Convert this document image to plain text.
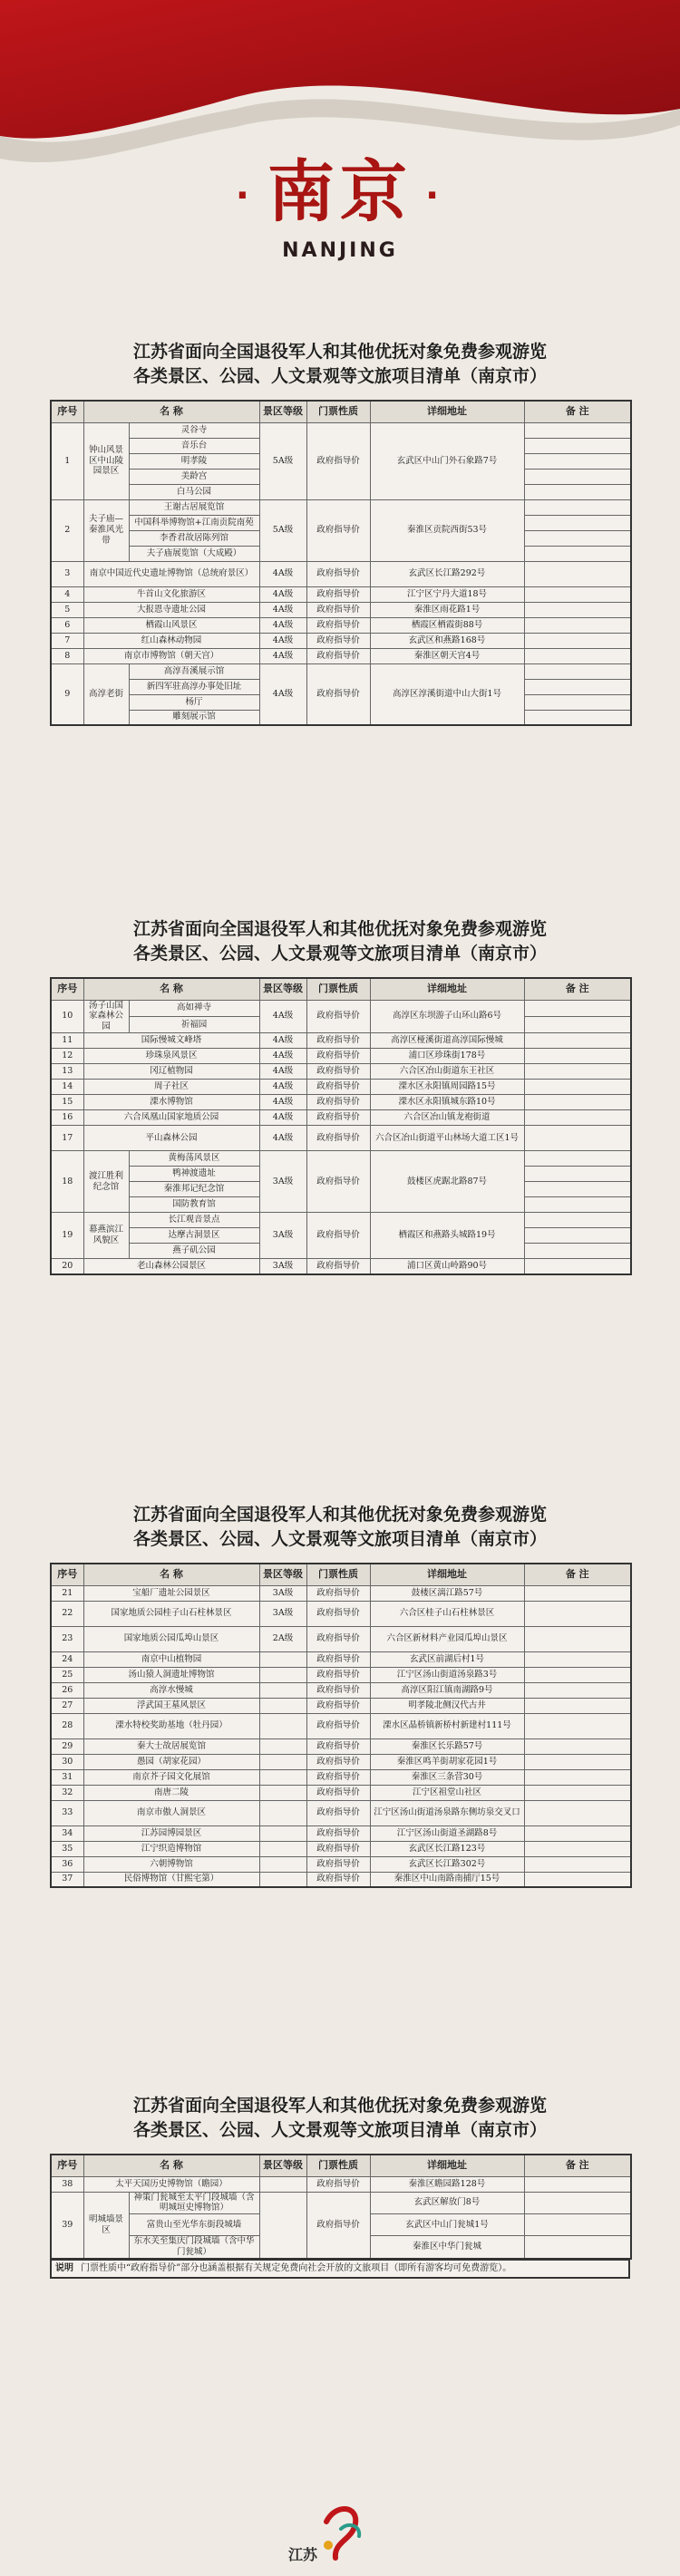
· 南京 ·
NANJING
江苏省面向全国退役军人和其他优抚对象免费参观游览
各类景区、公园、人文景观等文旅项目清单（南京市）
序号	名 称		景区等级	门票性质	详细地址	备 注
1	钟山风景区中山陵园景区	灵谷寺	5A级	政府指导价	玄武区中山门外石象路7号	
		音乐台				
		明孝陵				
		美龄宫				
		白马公园				
2	夫子庙—秦淮风光带	王谢古居展览馆	5A级	政府指导价	秦淮区贡院西街53号	
		中国科举博物馆+江南贡院南苑				
		李香君故居陈列馆				
		夫子庙展览馆（大成殿）				
3	南京中国近代史遗址博物馆（总统府景区）		4A级	政府指导价	玄武区长江路292号	
4	牛首山文化旅游区		4A级	政府指导价	江宁区宁丹大道18号	
5	大报恩寺遗址公园		4A级	政府指导价	秦淮区雨花路1号	
6	栖霞山风景区		4A级	政府指导价	栖霞区栖霞街88号	
7	红山森林动物园		4A级	政府指导价	玄武区和燕路168号	
8	南京市博物馆（朝天宫）		4A级	政府指导价	秦淮区朝天宫4号	
9	高淳老街	高淳吾溪展示馆	4A级	政府指导价	高淳区淳溪街道中山大街1号	
		新四军驻高淳办事处旧址				
		杨厅				
		雕刻展示馆				
江苏省面向全国退役军人和其他优抚对象免费参观游览
各类景区、公园、人文景观等文旅项目清单（南京市）
序号	名 称		景区等级	门票性质	详细地址	备 注
10	汤子山国家森林公园	高如禅寺	4A级	政府指导价	高淳区东坝游子山环山路6号	
		祈福园				
11	国际慢城文峰塔		4A级	政府指导价	高淳区桠溪街道高淳国际慢城	
12	珍珠泉风景区		4A级	政府指导价	浦口区珍珠街178号	
13	冈辽植物园		4A级	政府指导价	六合区冶山街道东王社区	
14	周子社区		4A级	政府指导价	溧水区永阳镇周园路15号	
15	溧水博物馆		4A级	政府指导价	溧水区永阳镇城东路10号	
16	六合凤凰山国家地质公园		4A级	政府指导价	六合区冶山镇龙袍街道	
17	平山森林公园		4A级	政府指导价	六合区冶山街道平山林场大道工区1号	
18	渡江胜利纪念馆	黄梅荡风景区	3A级	政府指导价	鼓楼区虎踞北路87号	
		鸭神渡遗址				
		秦淮邦记纪念馆				
		国防教育馆				
19	幕燕滨江风貌区	长江观音景点	3A级	政府指导价	栖霞区和燕路头城路19号	
		达摩古洞景区				
		燕子矶公园				
20	老山森林公园景区		3A级	政府指导价	浦口区黄山岭路90号	
江苏省面向全国退役军人和其他优抚对象免费参观游览
各类景区、公园、人文景观等文旅项目清单（南京市）
序号	名 称	景区等级	门票性质	详细地址	备 注
21	宝船厂遗址公园景区	3A级	政府指导价	鼓楼区漓江路57号	
22	国家地质公园桂子山石柱林景区	3A级	政府指导价	六合区桂子山石柱林景区	
23	国家地质公园瓜埠山景区	2A级	政府指导价	六合区新材料产业园瓜埠山景区	
24	南京中山植物园		政府指导价	玄武区前湖后村1号	
25	汤山猿人洞遗址博物馆		政府指导价	江宁区汤山街道汤泉路3号	
26	高淳水慢城		政府指导价	高淳区阳江镇南湖路9号	
27	浮武国王墓风景区		政府指导价	明孝陵北侧汉代古井	
28	溧水特校奖助基地（牡丹园）		政府指导价	溧水区晶桥镇新桥村新建村111号	
29	秦大士故居展览馆		政府指导价	秦淮区长乐路57号	
30	愚园（胡家花园）		政府指导价	秦淮区鸣羊街胡家花园1号	
31	南京芥子园文化展馆		政府指导价	秦淮区三条营30号	
32	南唐二陵		政府指导价	江宁区祖堂山社区	
33	南京市傲人洞景区		政府指导价	江宁区汤山街道汤泉路东侧坊泉交叉口	
34	江苏园博园景区		政府指导价	江宁区汤山街道圣湖路8号	
35	江宁织造博物馆		政府指导价	玄武区长江路123号	
36	六朝博物馆		政府指导价	玄武区长江路302号	
37	民俗博物馆（甘熙宅第）		政府指导价	秦淮区中山南路南捕厅15号	
江苏省面向全国退役军人和其他优抚对象免费参观游览
各类景区、公园、人文景观等文旅项目清单（南京市）
序号	名 称		景区等级	门票性质	详细地址	备 注
38	太平天国历史博物馆（瞻园）			政府指导价	秦淮区瞻园路128号	
39	明城墙景区	神策门瓮城至太平门段城墙（含明城垣史博物馆）		政府指导价	玄武区解放门8号	
		富贵山至光华东街段城墙			玄武区中山门瓮城1号	
		东水关至集庆门段城墙（含中华门瓮城）			秦淮区中华门瓮城	
说明 门票性质中“政府指导价”部分也涵盖根据有关规定免费向社会开放的文旅项目（即所有游客均可免费游览）。
江苏
